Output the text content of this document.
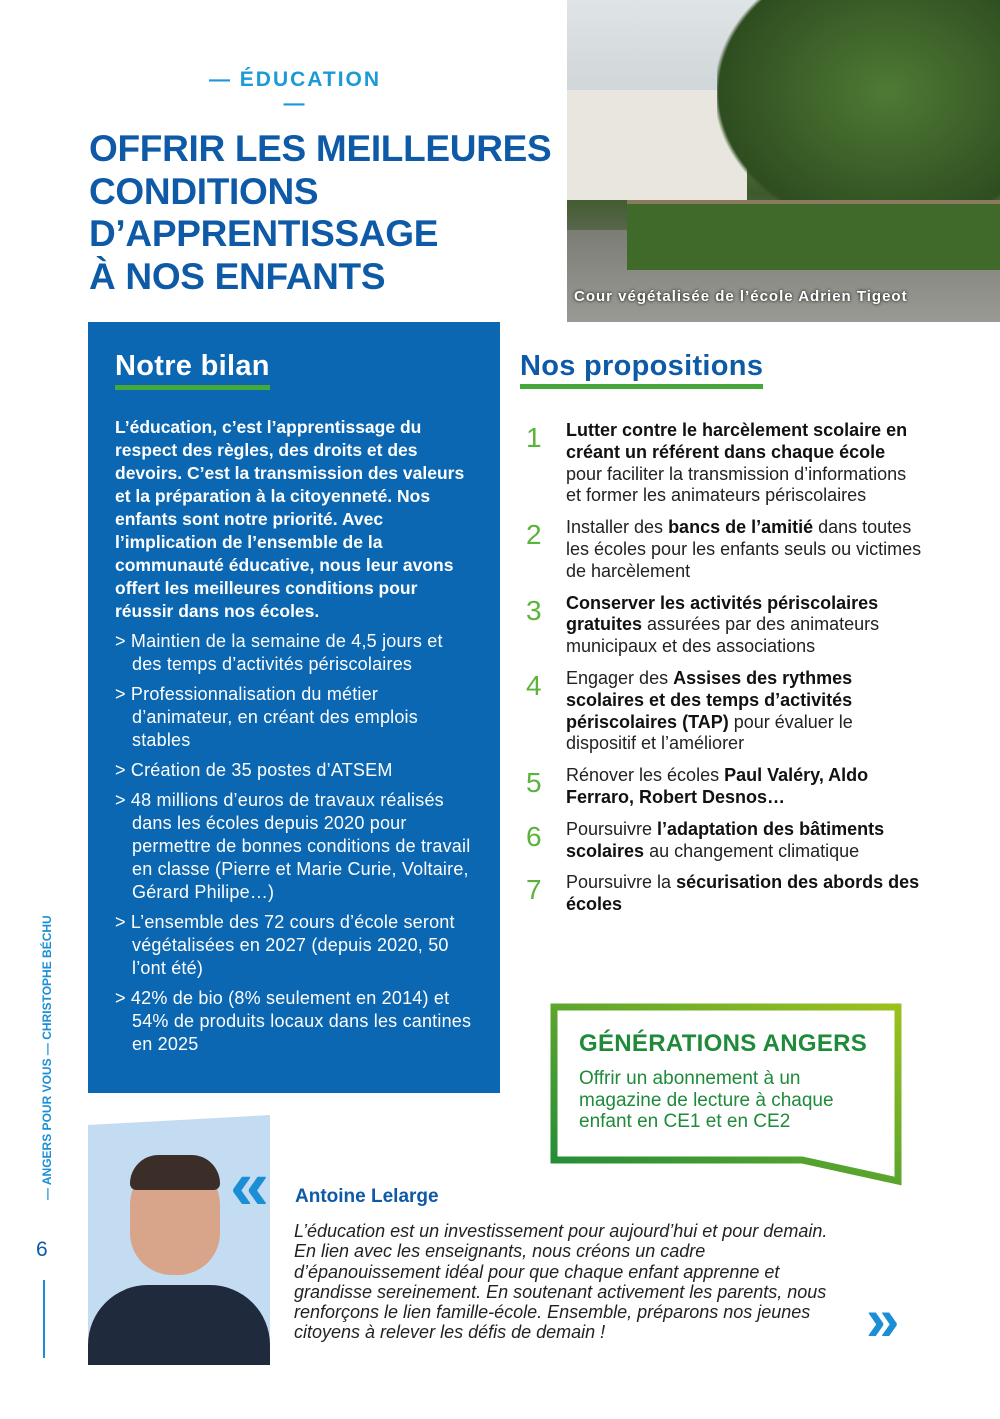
— ÉDUCATION —
OFFRIR LES MEILLEURES
CONDITIONS
D’APPRENTISSAGE
À NOS ENFANTS	Cour végétalisée de l’école Adrien Tigeot
Notre bilan

L’éducation, c’est l’apprentissage du respect des règles, des droits et des devoirs. C’est la transmission des valeurs et la préparation à la citoyenneté. Nos enfants sont notre priorité. Avec l’implication de l’ensemble de la communauté éducative, nous leur avons offert les meilleures conditions pour réussir dans nos écoles.

> Maintien de la semaine de 4,5 jours et des temps d’activités périscolaires
> Professionnalisation du métier d’animateur, en créant des emplois stables
> Création de 35 postes d’ATSEM
> 48 millions d’euros de travaux réalisés dans les écoles depuis 2020 pour permettre de bonnes conditions de travail en classe (Pierre et Marie Curie, Voltaire, Gérard Philipe…)
> L’ensemble des 72 cours d’école seront végétalisées en 2027 (depuis 2020, 50 l’ont été)
> 42% de bio (8% seulement en 2014) et 54% de produits locaux dans les cantines en 2025
Nos propositions
1	Lutter contre le harcèlement scolaire en créant un référent dans chaque école pour faciliter la transmission d’informations et former les animateurs périscolaires
2	Installer des bancs de l’amitié dans toutes les écoles pour les enfants seuls ou victimes de harcèlement
3	Conserver les activités périscolaires gratuites assurées par des animateurs municipaux et des associations
4	Engager des Assises des rythmes scolaires et des temps d’activités périscolaires (TAP) pour évaluer le dispositif et l’améliorer
5	Rénover les écoles Paul Valéry, Aldo Ferraro, Robert Desnos…
6	Poursuivre l’adaptation des bâtiments scolaires au changement climatique
7	Poursuivre la sécurisation des abords des écoles
GÉNÉRATIONS ANGERS
Offrir un abonnement à un magazine de lecture à chaque enfant en CE1 et en CE2
« Antoine Lelarge

L’éducation est un investissement pour aujourd’hui et pour demain. En lien avec les enseignants, nous créons un cadre d’épanouissement idéal pour que chaque enfant apprenne et grandisse sereinement. En soutenant activement les parents, nous renforçons le lien famille-école. Ensemble, préparons nos jeunes citoyens à relever les défis de demain !	»
— ANGERS POUR VOUS — CHRISTOPHE BÉCHU
6
